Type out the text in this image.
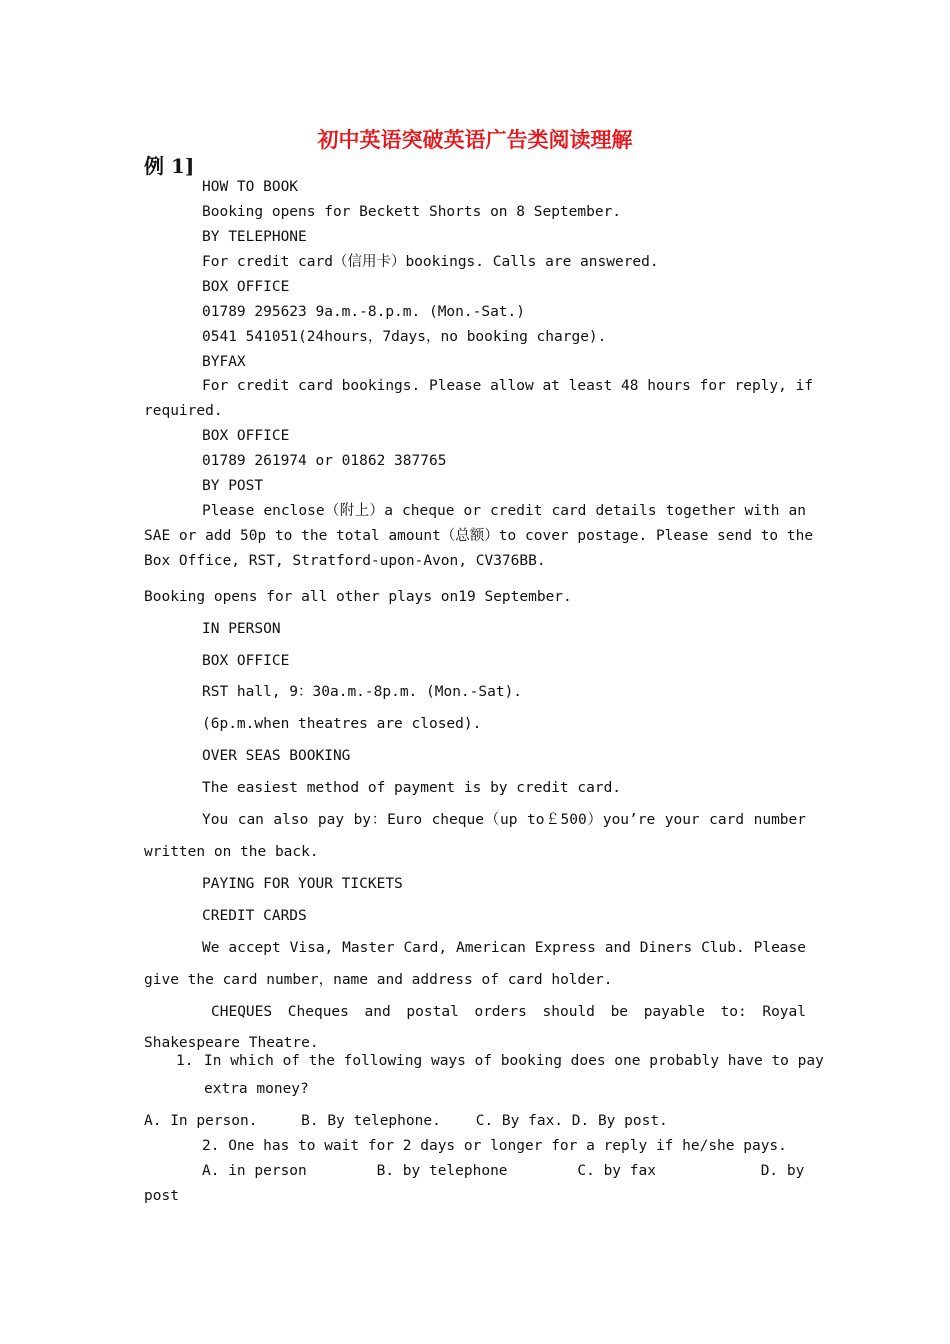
初中英语突破英语广告类阅读理解
例 1]
HOW TO BOOK
Booking opens for Beckett Shorts on 8 September.
BY TELEPHONE
For credit card（信用卡）bookings. Calls are answered.
BOX OFFICE
01789 295623 9a.m.-8.p.m. (Mon.-Sat.)
0541 541051(24hours，7days，no booking charge).
BYFAX
For credit card bookings. Please allow at least 48 hours for reply, if
required.
BOX OFFICE
01789 261974 or 01862 387765
BY POST
Please enclose（附上）a cheque or credit card details together with an
SAE or add 50p to the total amount（总额）to cover postage. Please send to the
Box Office, RST, Stratford-upon-Avon, CV376BB.
Booking opens for all other plays on19 September.
IN PERSON
BOX OFFICE
RST hall, 9：30a.m.-8p.m. (Mon.-Sat).
(6p.m.when theatres are closed).
OVER SEAS BOOKING
The easiest method of payment is by credit card.
You can also pay by：Euro cheque（up to￡500）you’re your card number
written on the back.
PAYING FOR YOUR TICKETS
CREDIT CARDS
We accept Visa, Master Card, American Express and Diners Club. Please
give the card number，name and address of card holder.
CHEQUES Cheques and postal orders should be payable to: Royal
Shakespeare Theatre.
1. In which of the following ways of booking does one probably have to pay
extra money?
A. In person.     B. By telephone.    C. By fax. D. By post.
2. One has to wait for 2 days or longer for a reply if he/she pays.
A. in person        B. by telephone        C. by fax            D. by
post
